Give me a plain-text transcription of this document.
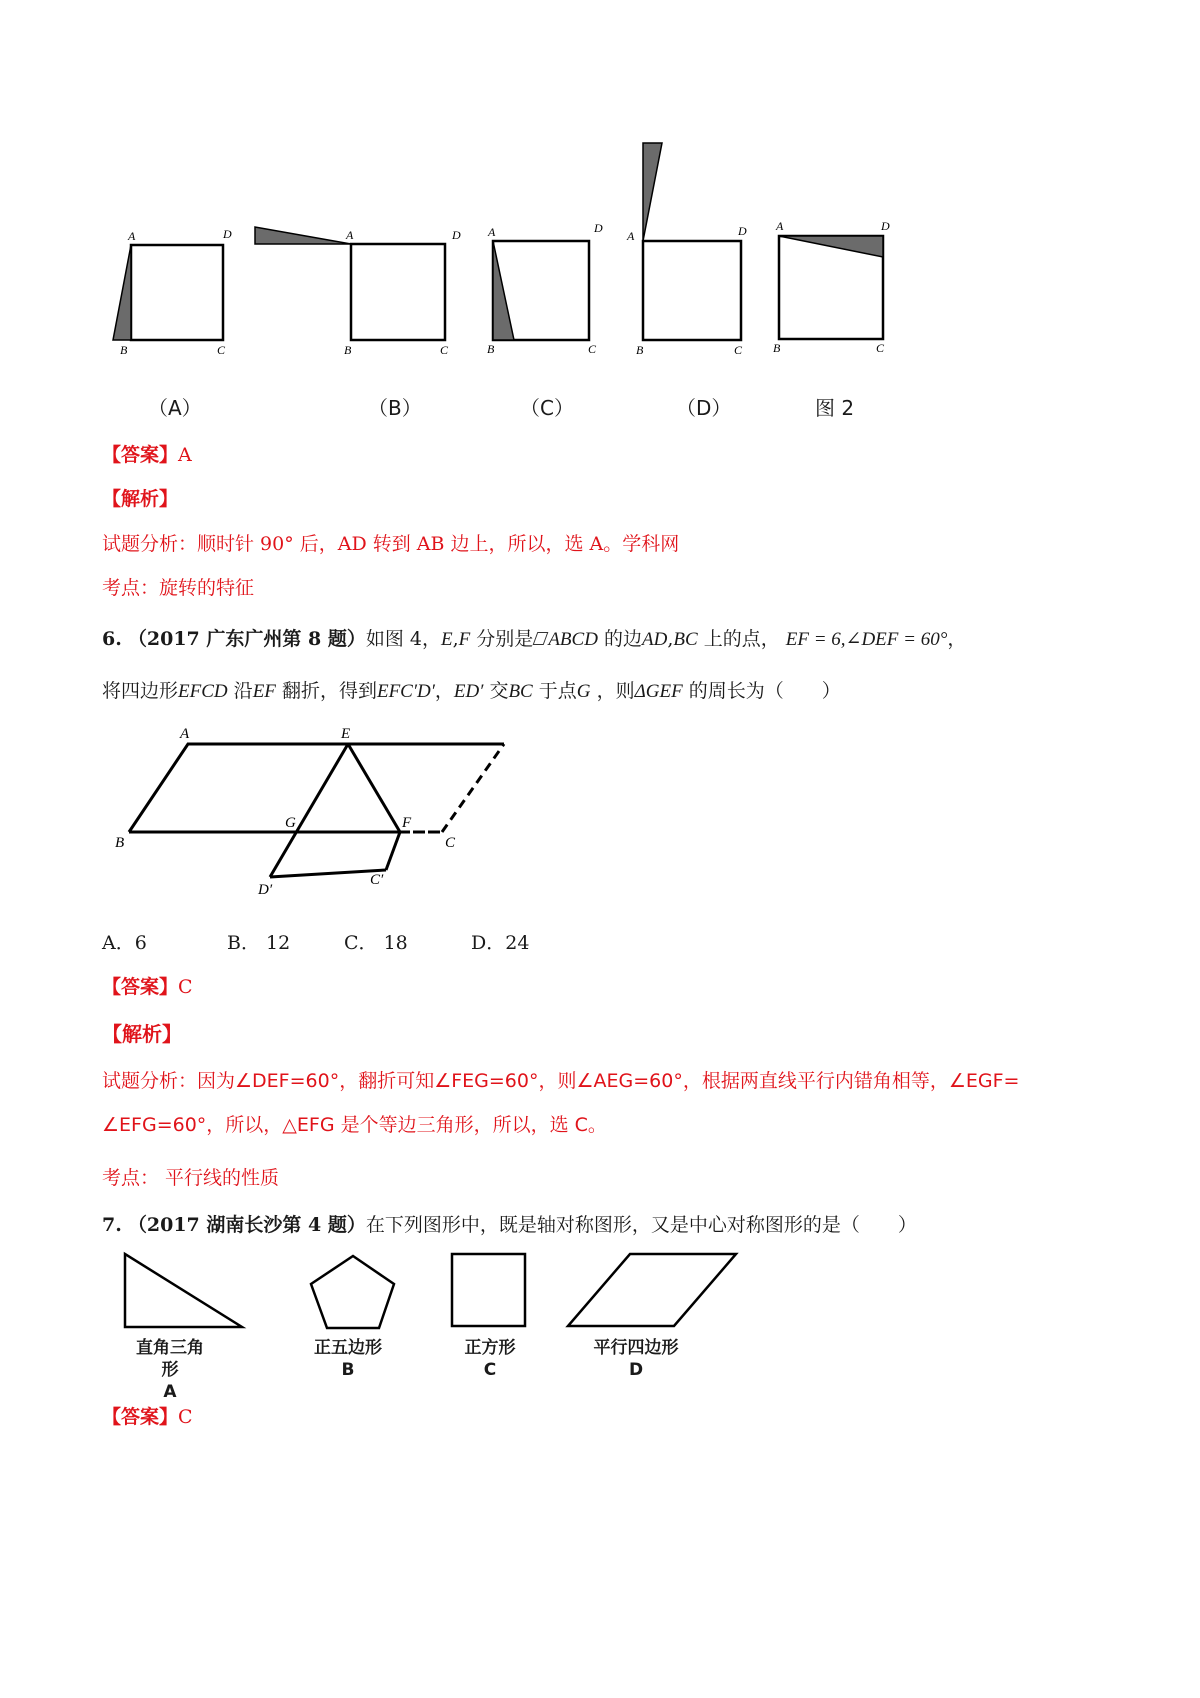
A	D
B	C
A	D
B	C
A	D
B	C
A	D
B	C
A	D
B	C
（A）	（B）	（C）	（D）	图 2
【答案】A
【解析】
试题分析：顺时针 90° 后，AD 转到 AB 边上，所以，选 A。学科网
考点：旋转的特征
6. （2017 广东广州第 8 题）如图 4，E,F 分别是 ABCD 的边AD,BC 上的点， EF = 6,∠DEF = 60°，
将四边形EFCD 沿EF 翻折，得到EFC′D′，ED′ 交BC 于点G ，则ΔGEF 的周长为（　　）
A	E
B
G	F
C
D′
C′
A．6	B． 12	C． 18	D．24
【答案】C
【解析】
试题分析：因为∠DEF=60°，翻折可知∠FEG=60°，则∠AEG=60°，根据两直线平行内错角相等，∠EGF=
∠EFG=60°，所以，△EFG 是个等边三角形，所以，选 C。
考点： 平行线的性质
7. （2017 湖南长沙第 4 题）在下列图形中，既是轴对称图形，又是中心对称图形的是（　　）
直角三角形
A
正五边形
B
正方形
C
平行四边形
D
【答案】C
